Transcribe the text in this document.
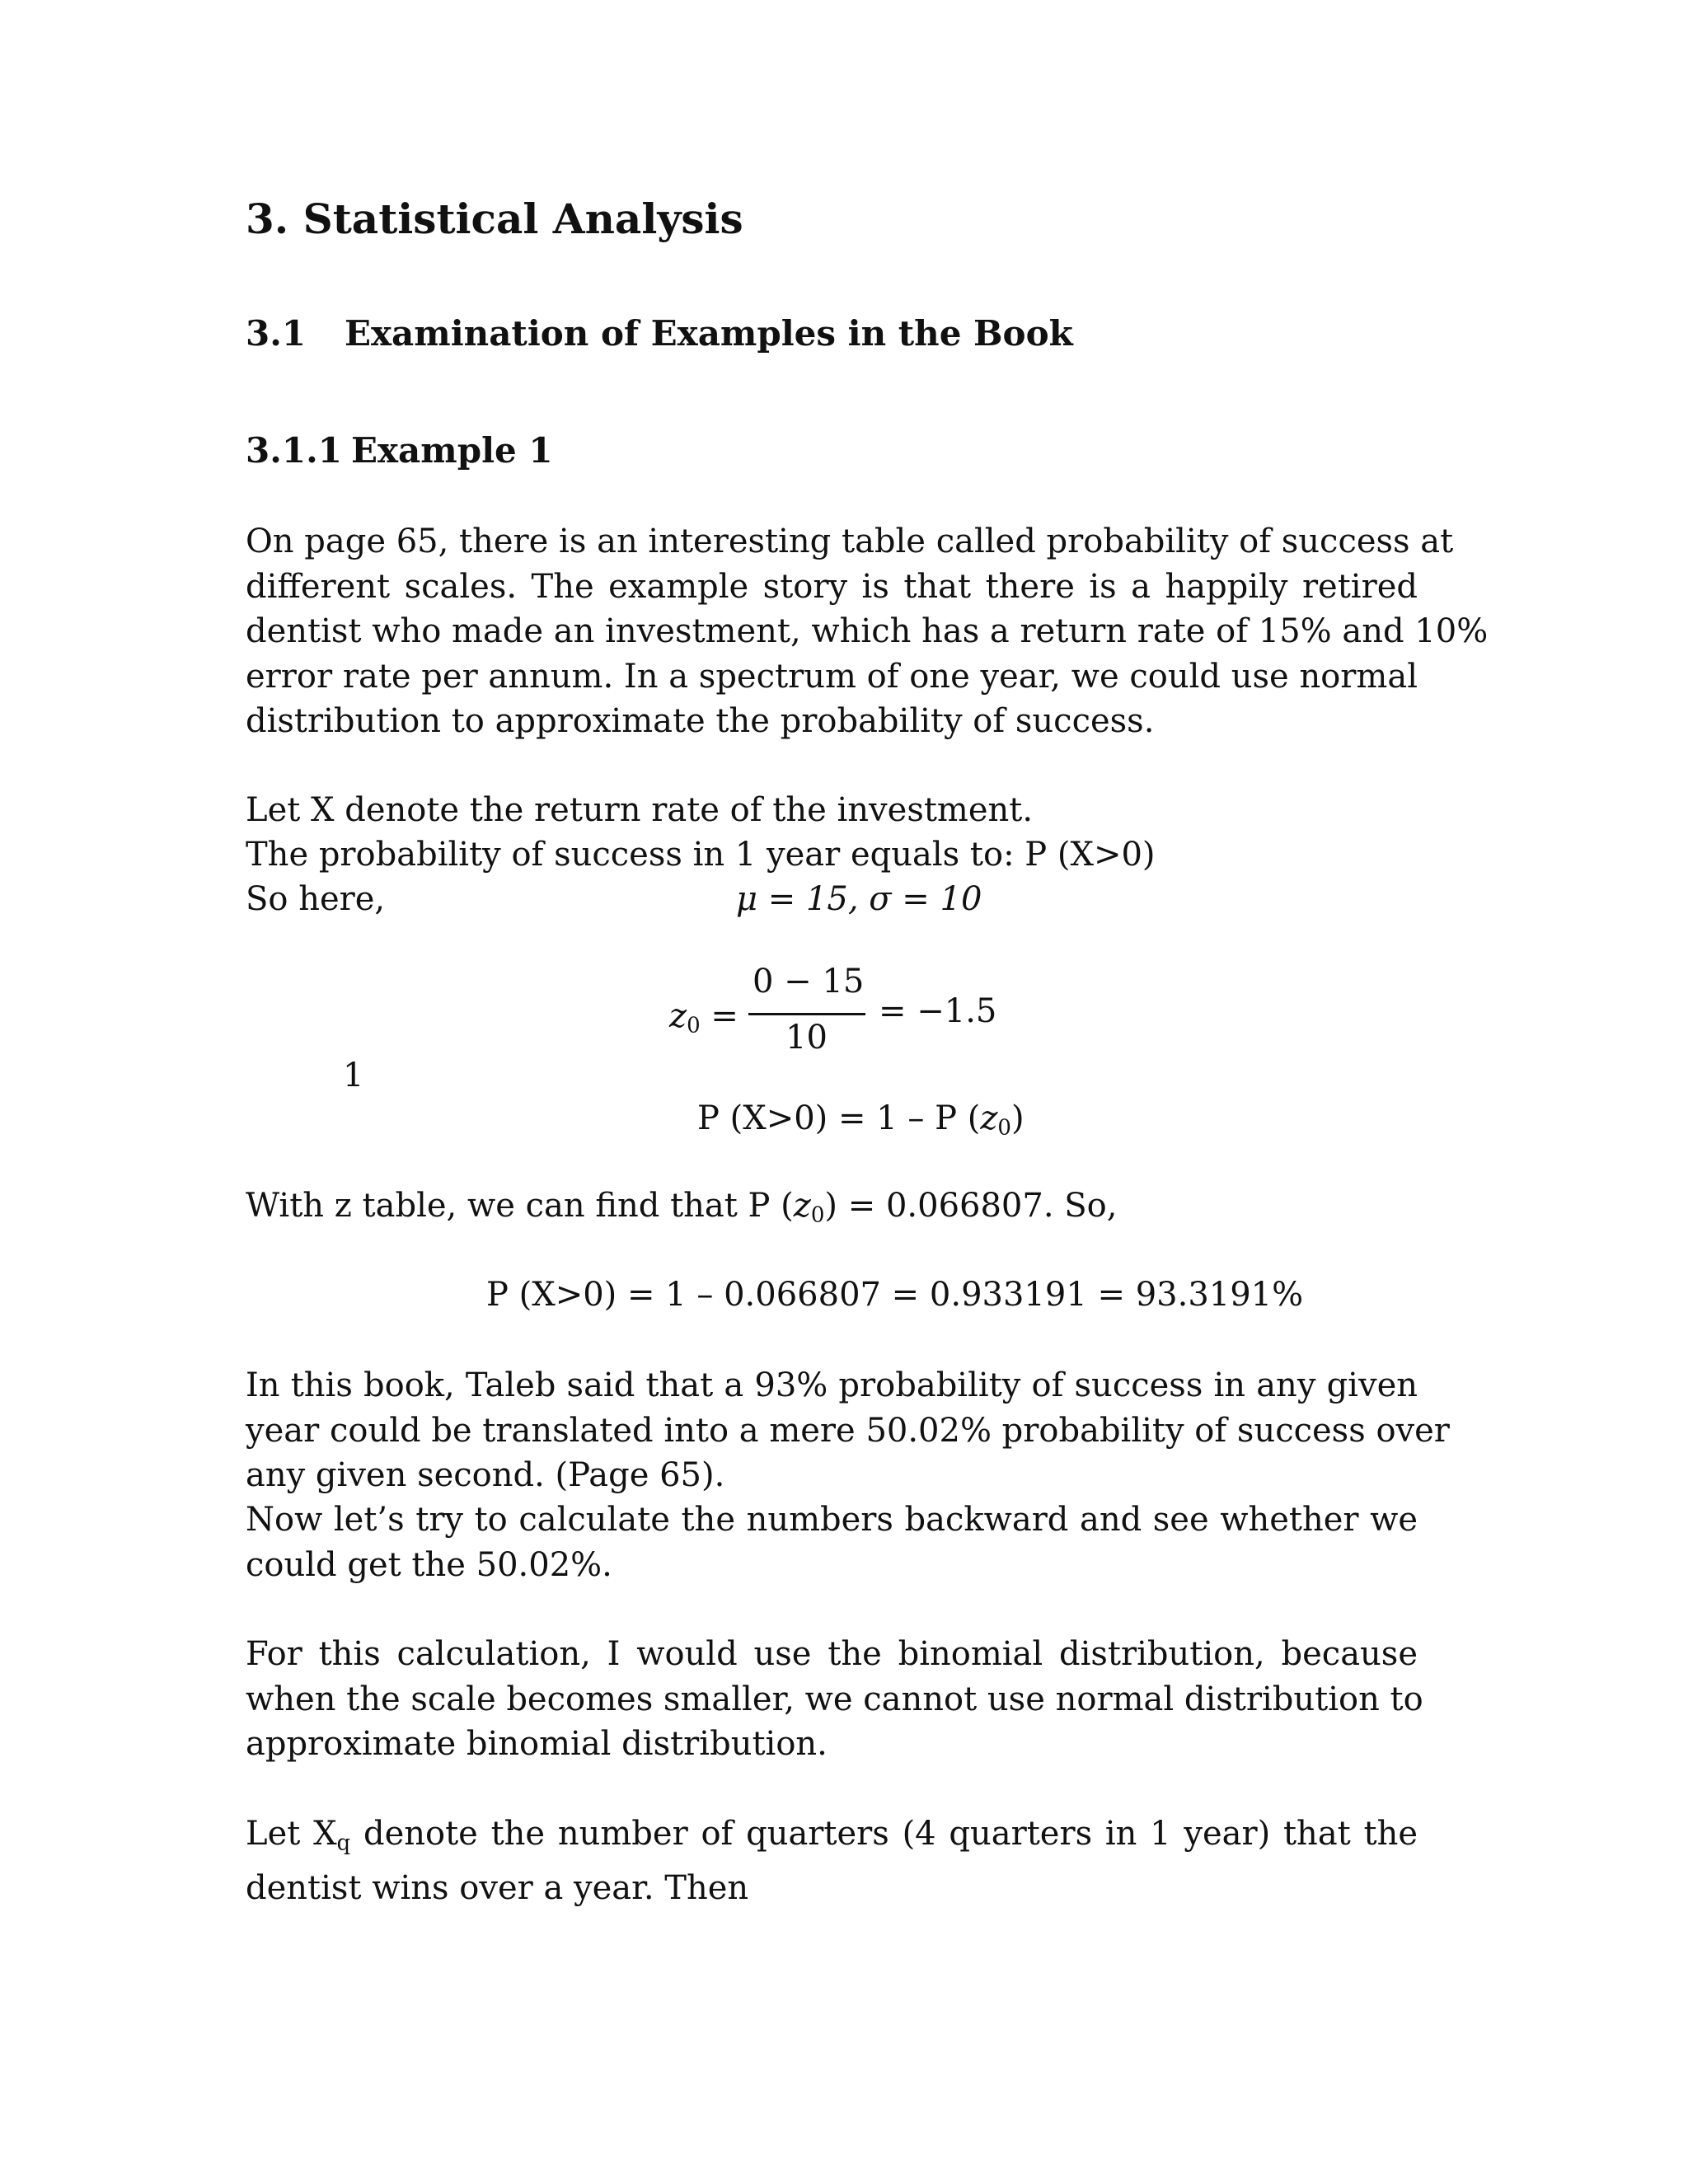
3. Statistical Analysis
3.1 Examination of Examples in the Book
3.1.1 Example 1
On page 65, there is an interesting table called probability of success at
different scales. The example story is that there is a happily retired
dentist who made an investment, which has a return rate of 15% and 10%
error rate per annum. In a spectrum of one year, we could use normal
distribution to approximate the probability of success.
Let X denote the return rate of the investment.
The probability of success in 1 year equals to: P (X>0)
So here,	μ = 15, σ = 10
$z_0$ =
0 − 15
10
= −1.5
1
P (X>0) = 1 – P $(z_0)$
With z table, we can find that P $(z_0) = 0.066807$. So,
P (X>0) = 1 – 0.066807 = 0.933191 = 93.3191%
In this book, Taleb said that a 93% probability of success in any given
year could be translated into a mere 50.02% probability of success over
any given second. (Page 65).
Now let’s try to calculate the numbers backward and see whether we
could get the 50.02%.
For this calculation, I would use the binomial distribution, because
when the scale becomes smaller, we cannot use normal distribution to
approximate binomial distribution.
Let $X_q$ denote the number of quarters (4 quarters in 1 year) that the
dentist wins over a year. Then
